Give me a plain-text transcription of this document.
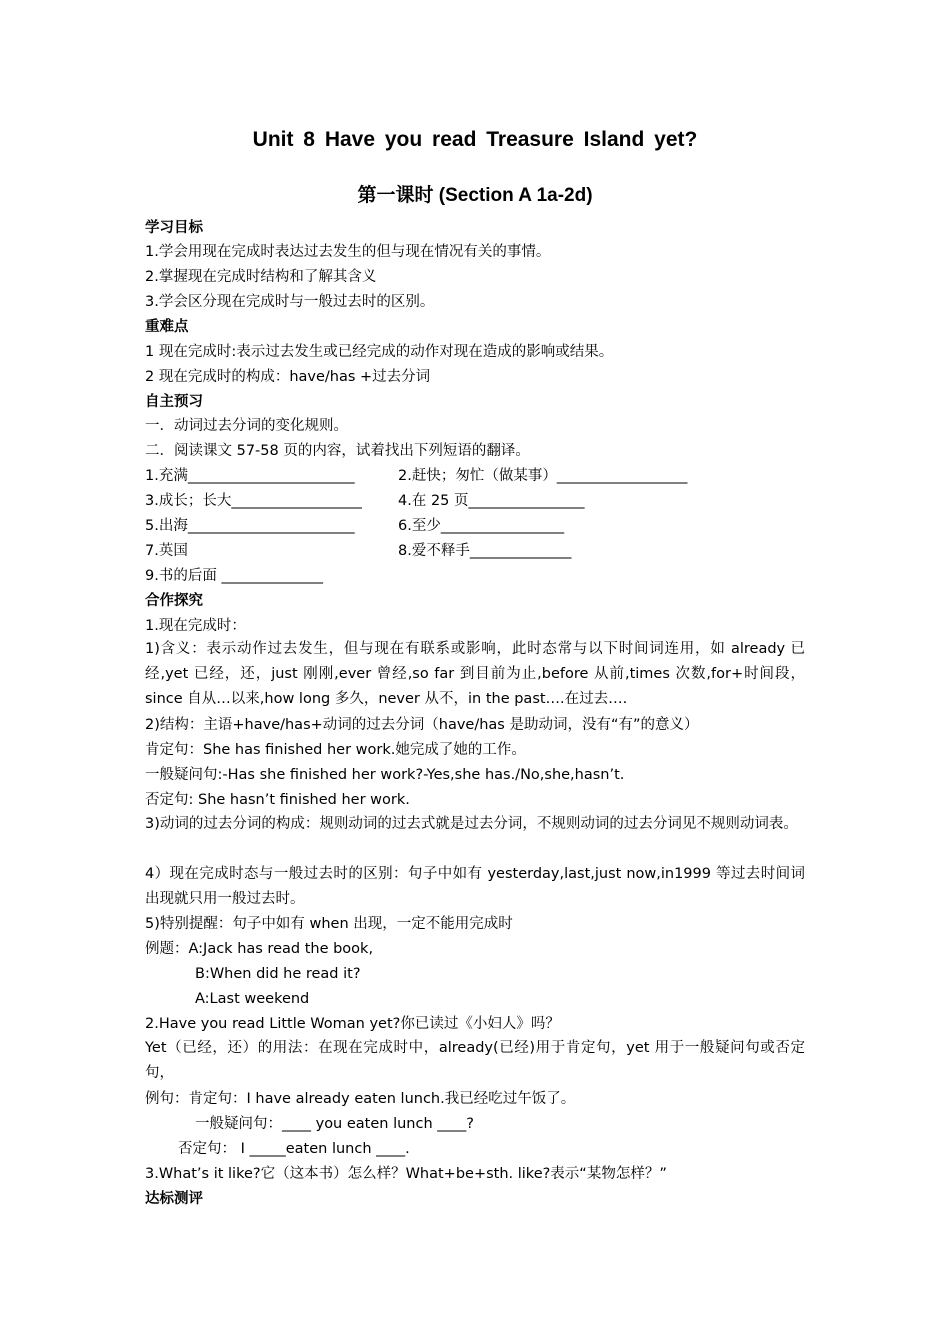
Unit 8 Have you read Treasure Island yet?
第一课时 (Section A 1a-2d)
学习目标
1.学会用现在完成时表达过去发生的但与现在情况有关的事情。
2.掌握现在完成时结构和了解其含义
3.学会区分现在完成时与一般过去时的区别。
重难点
1 现在完成时:表示过去发生或已经完成的动作对现在造成的影响或结果。
2 现在完成时的构成：have/has +过去分词
自主预习
一．动词过去分词的变化规则。
二．阅读课文 57-58 页的内容，试着找出下列短语的翻译。
1.充满_______________________	2.赶快；匆忙（做某事）__________________
3.成长；长大__________________ 4.在 25 页________________
5.出海_______________________	6.至少_________________
7.英国	8.爱不释手______________
9.书的后面 ______________
合作探究
1.现在完成时：
1)含义：表示动作过去发生，但与现在有联系或影响，此时态常与以下时间词连用，如 already 已经,yet 已经，还，just 刚刚,ever 曾经,so far 到目前为止,before 从前,times 次数,for+时间段，since 自从…以来,how long 多久，never 从不，in the past….在过去….
2)结构：主语+have/has+动词的过去分词（have/has 是助动词，没有“有”的意义）
肯定句：She has finished her work.她完成了她的工作。
一般疑问句:-Has she finished her work?-Yes,she has./No,she,hasn’t.
否定句: She hasn’t finished her work.
3)动词的过去分词的构成：规则动词的过去式就是过去分词，不规则动词的过去分词见不规则动词表。
4）现在完成时态与一般过去时的区别：句子中如有 yesterday,last,just now,in1999 等过去时间词出现就只用一般过去时。
5)特别提醒：句子中如有 when 出现，一定不能用完成时
例题：A:Jack has read the book,
B:When did he read it?
A:Last weekend
2.Have you read Little Woman yet?你已读过《小妇人》吗？
Yet（已经，还）的用法：在现在完成时中，already(已经)用于肯定句，yet 用于一般疑问句或否定句，
例句：肯定句：I have already eaten lunch.我已经吃过午饭了。
一般疑问句：____ you eaten lunch ____?
否定句： I _____eaten lunch ____.
3.What’s it like?它（这本书）怎么样？What+be+sth. like?表示“某物怎样？”
达标测评
